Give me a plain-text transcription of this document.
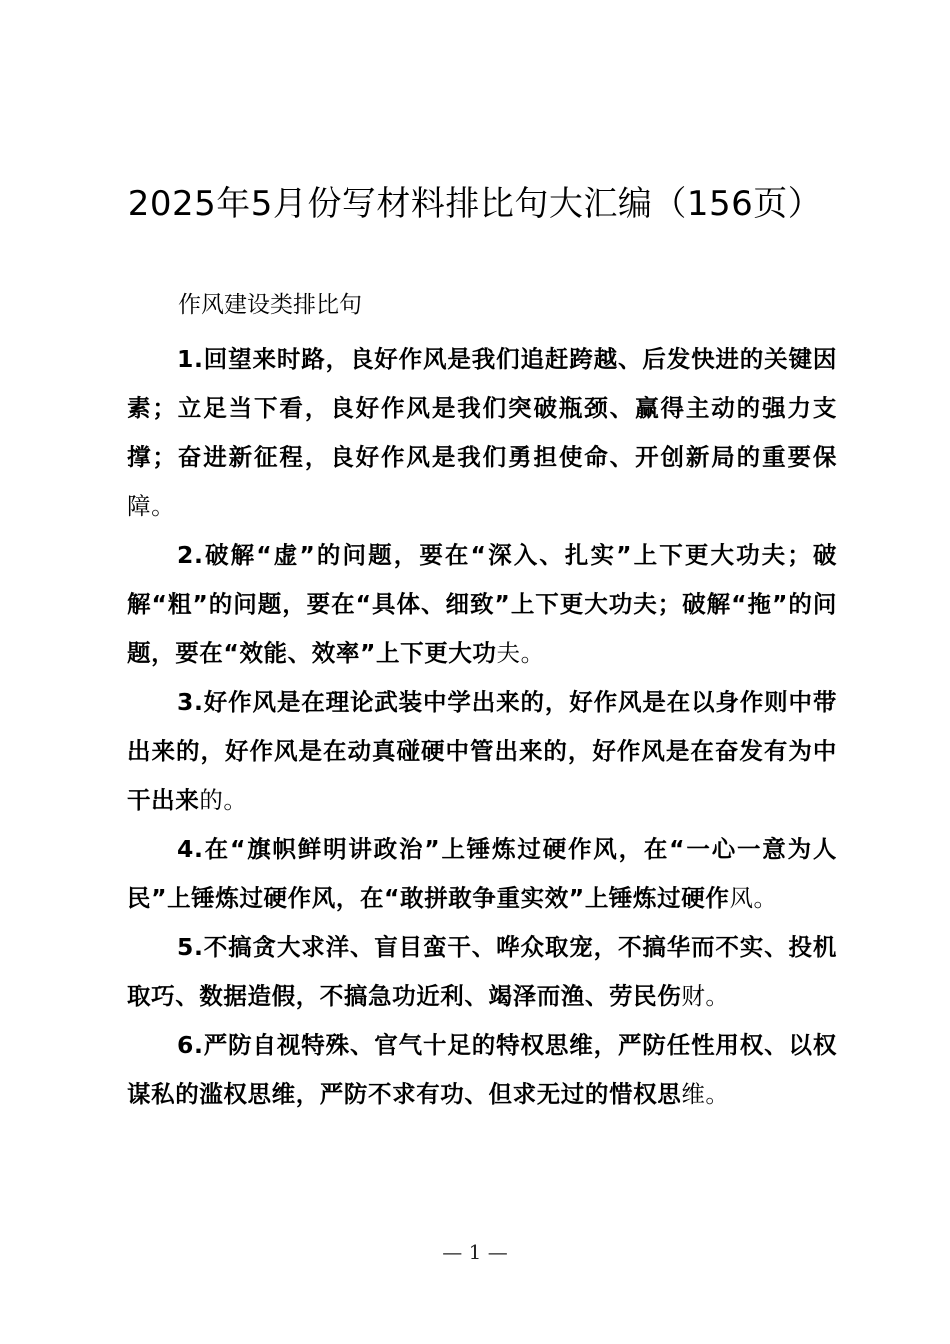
2025年5月份写材料排比句大汇编（156页）
作风建设类排比句

1.回望来时路，良好作风是我们追赶跨越、后发快进的关键因素；立足当下看，良好作风是我们突破瓶颈、赢得主动的强力支撑；奋进新征程，良好作风是我们勇担使命、开创新局的重要保障。

2.破解“虚”的问题，要在“深入、扎实”上下更大功夫；破解“粗”的问题，要在“具体、细致”上下更大功夫；破解“拖”的问题，要在“效能、效率”上下更大功夫。

3.好作风是在理论武装中学出来的，好作风是在以身作则中带出来的，好作风是在动真碰硬中管出来的，好作风是在奋发有为中干出来的。

4.在“旗帜鲜明讲政治”上锤炼过硬作风，在“一心一意为人民”上锤炼过硬作风，在“敢拼敢争重实效”上锤炼过硬作风。

5.不搞贪大求洋、盲目蛮干、哗众取宠，不搞华而不实、投机取巧、数据造假，不搞急功近利、竭泽而渔、劳民伤财。

6.严防自视特殊、官气十足的特权思维，严防任性用权、以权谋私的滥权思维，严防不求有功、但求无过的惜权思维。

— 1 —
